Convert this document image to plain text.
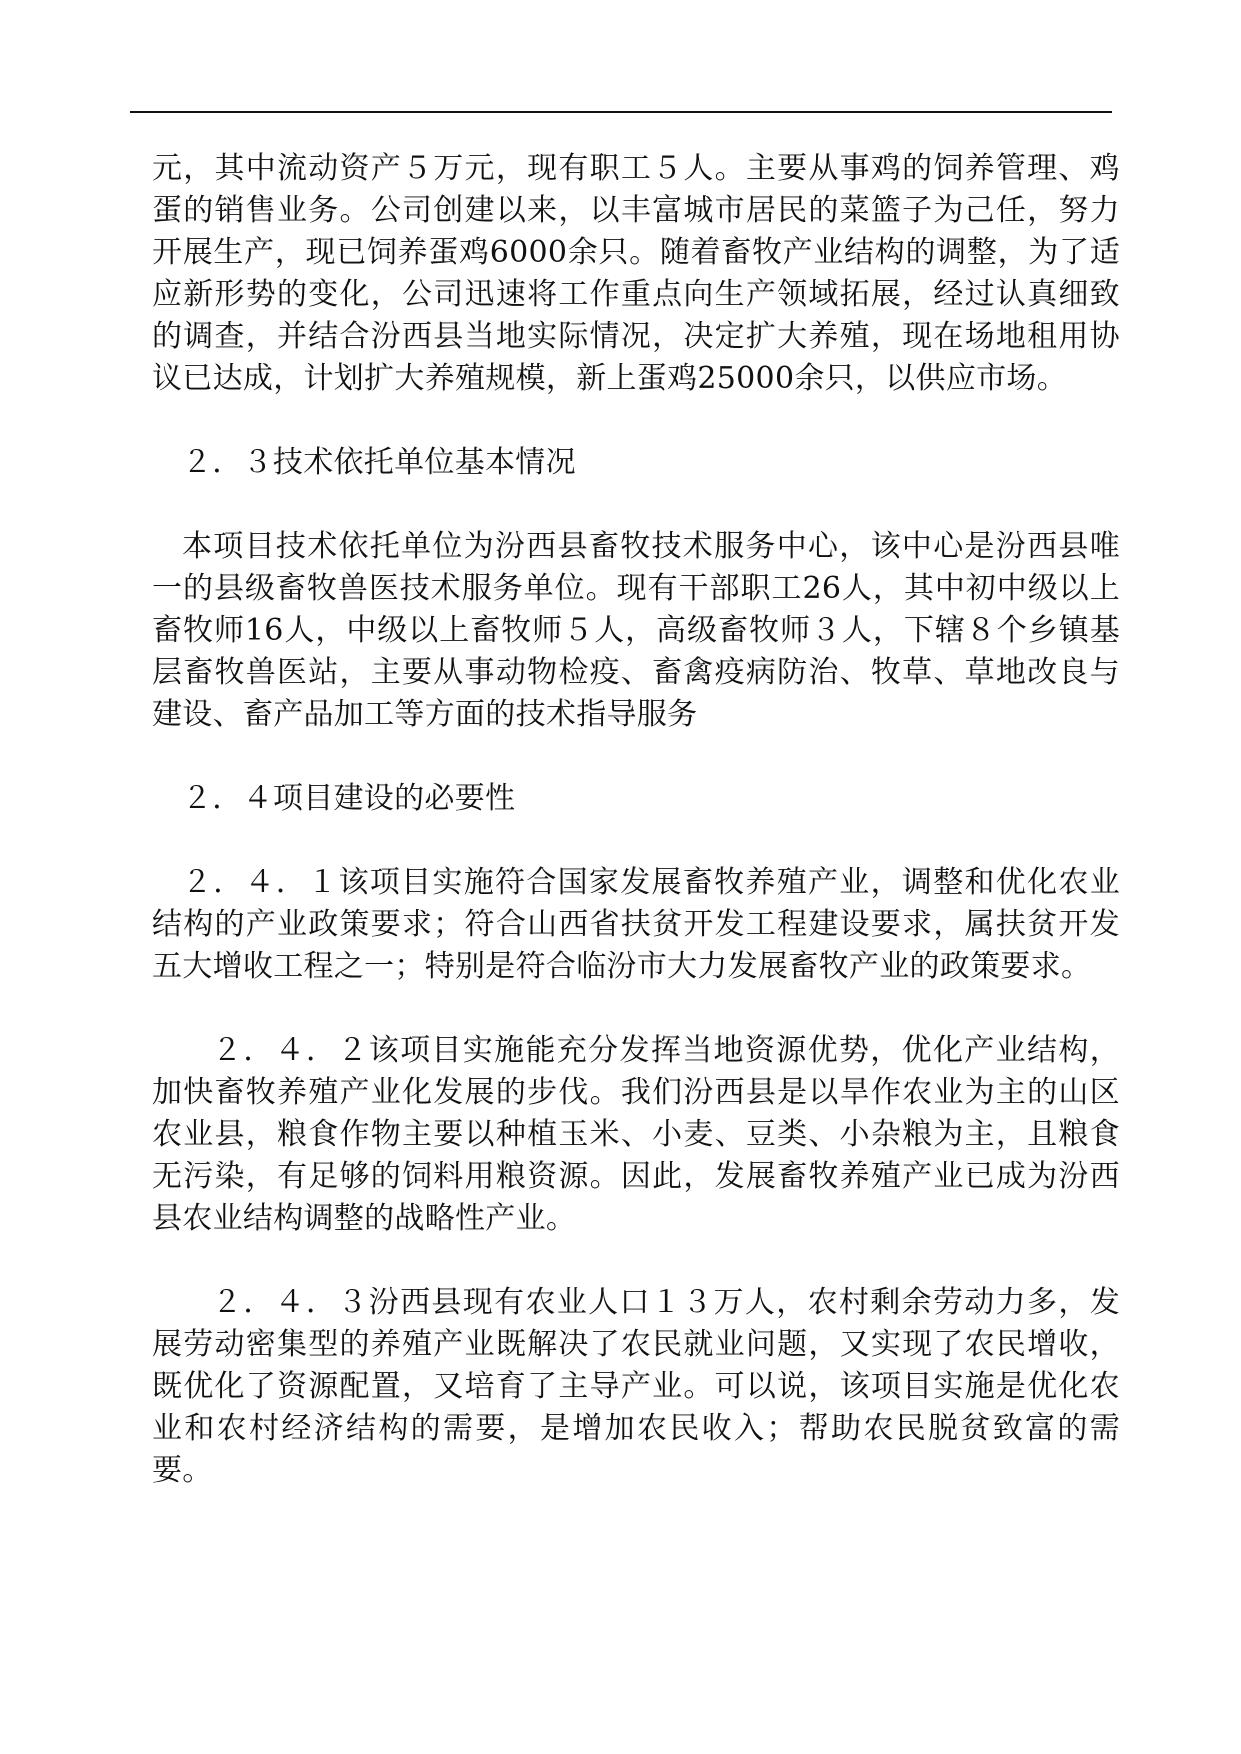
元，其中流动资产５万元，现有职工５人。主要从事鸡的饲养管理、鸡蛋的销售业务。公司创建以来，以丰富城市居民的菜篮子为己任，努力开展生产，现已饲养蛋鸡6000余只。随着畜牧产业结构的调整，为了适应新形势的变化，公司迅速将工作重点向生产领域拓展，经过认真细致的调查，并结合汾西县当地实际情况，决定扩大养殖，现在场地租用协议已达成，计划扩大养殖规模，新上蛋鸡25000余只，以供应市场。

２．３技术依托单位基本情况

本项目技术依托单位为汾西县畜牧技术服务中心，该中心是汾西县唯一的县级畜牧兽医技术服务单位。现有干部职工26人，其中初中级以上畜牧师16人，中级以上畜牧师５人，高级畜牧师３人，下辖８个乡镇基层畜牧兽医站，主要从事动物检疫、畜禽疫病防治、牧草、草地改良与建设、畜产品加工等方面的技术指导服务

２．４项目建设的必要性

２．４．１该项目实施符合国家发展畜牧养殖产业，调整和优化农业结构的产业政策要求；符合山西省扶贫开发工程建设要求，属扶贫开发五大增收工程之一；特别是符合临汾市大力发展畜牧产业的政策要求。

２．４．２该项目实施能充分发挥当地资源优势，优化产业结构，加快畜牧养殖产业化发展的步伐。我们汾西县是以旱作农业为主的山区农业县，粮食作物主要以种植玉米、小麦、豆类、小杂粮为主，且粮食无污染，有足够的饲料用粮资源。因此，发展畜牧养殖产业已成为汾西县农业结构调整的战略性产业。

２．４．３汾西县现有农业人口１３万人，农村剩余劳动力多，发展劳动密集型的养殖产业既解决了农民就业问题，又实现了农民增收，既优化了资源配置，又培育了主导产业。可以说，该项目实施是优化农业和农村经济结构的需要，是增加农民收入；帮助农民脱贫致富的需要。
